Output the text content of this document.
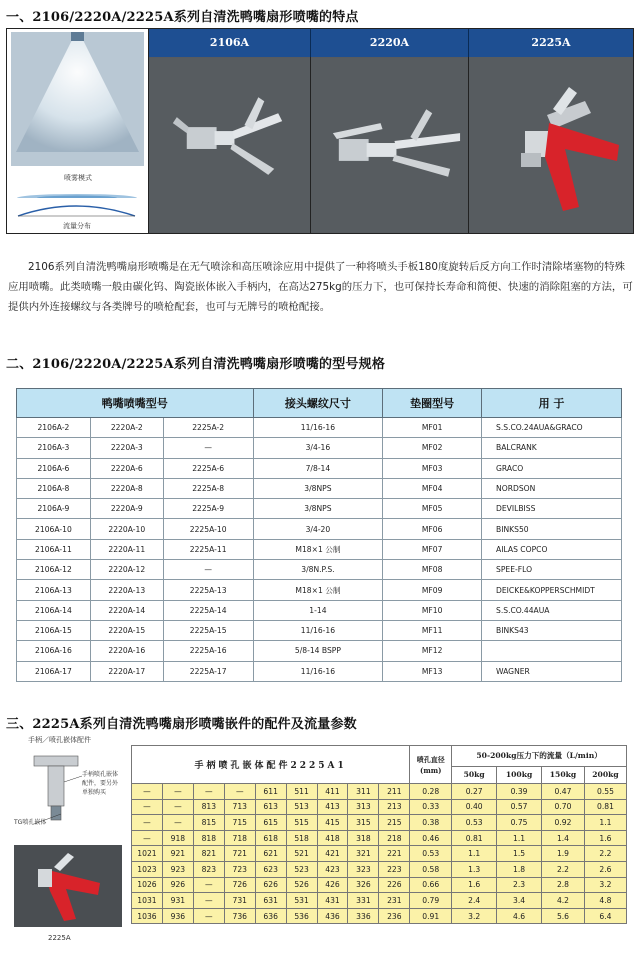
一、2106/2220A/2225A系列自清洗鸭嘴扇形喷嘴的特点
喷雾模式
2106A	2220A	2225A
流量分布
2106系列自清洗鸭嘴扇形喷嘴是在无气喷涂和高压喷涂应用中提供了一种将喷头手板180度旋转后反方向工作时清除堵塞物的特殊应用喷嘴。此类喷嘴一般由碳化钨、陶瓷嵌体嵌入手柄内，在高达275kg的压力下，也可保持长寿命和简便、快速的消除阻塞的方法，可提供内外连接螺纹与各类牌号的喷枪配套，也可与无牌号的喷枪配接。
二、2106/2220A/2225A系列自清洗鸭嘴扇形喷嘴的型号规格
鸭嘴喷嘴型号			接头螺纹尺寸	垫圈型号	用 于
2106A-2	2220A-2	2225A-2	11/16-16	MF01	S.S.CO.24AUA&GRACO
2106A-3	2220A-3	—	3/4-16	MF02	BALCRANK
2106A-6	2220A-6	2225A-6	7/8-14	MF03	GRACO
2106A-8	2220A-8	2225A-8	3/8NPS	MF04	NORDSON
2106A-9	2220A-9	2225A-9	3/8NPS	MF05	DEVILBISS
2106A-10	2220A-10	2225A-10	3/4-20	MF06	BINKS50
2106A-11	2220A-11	2225A-11	M18×1 公制	MF07	AILAS COPCO
2106A-12	2220A-12	—	3/8N.P.S.	MF08	SPEE-FLO
2106A-13	2220A-13	2225A-13	M18×1 公制	MF09	DEICKE&KOPPERSCHMIDT
2106A-14	2220A-14	2225A-14	1-14	MF10	S.S.CO.44AUA
2106A-15	2220A-15	2225A-15	11/16-16	MF11	BINKS43
2106A-16	2220A-16	2225A-16	5/8-14 BSPP	MF12	
2106A-17	2220A-17	2225A-17	11/16-16	MF13	WAGNER
三、2225A系列自清洗鸭嘴扇形喷嘴嵌件的配件及流量参数
手柄／喷孔嵌体配件
手柄喷孔嵌体配件，要另外单独购买
TG喷孔嵌体
2225A
手柄喷孔嵌体配件2225A1									喷孔直径(mm)	50-200kg压力下的流量（L/min）			
										50kg	100kg	150kg	200kg
—	—	—	—	611	511	411	311	211	0.28	0.27	0.39	0.47	0.55
—	—	813	713	613	513	413	313	213	0.33	0.40	0.57	0.70	0.81
—	—	815	715	615	515	415	315	215	0.38	0.53	0.75	0.92	1.1
—	918	818	718	618	518	418	318	218	0.46	0.81	1.1	1.4	1.6
1021	921	821	721	621	521	421	321	221	0.53	1.1	1.5	1.9	2.2
1023	923	823	723	623	523	423	323	223	0.58	1.3	1.8	2.2	2.6
1026	926	—	726	626	526	426	326	226	0.66	1.6	2.3	2.8	3.2
1031	931	—	731	631	531	431	331	231	0.79	2.4	3.4	4.2	4.8
1036	936	—	736	636	536	436	336	236	0.91	3.2	4.6	5.6	6.4
